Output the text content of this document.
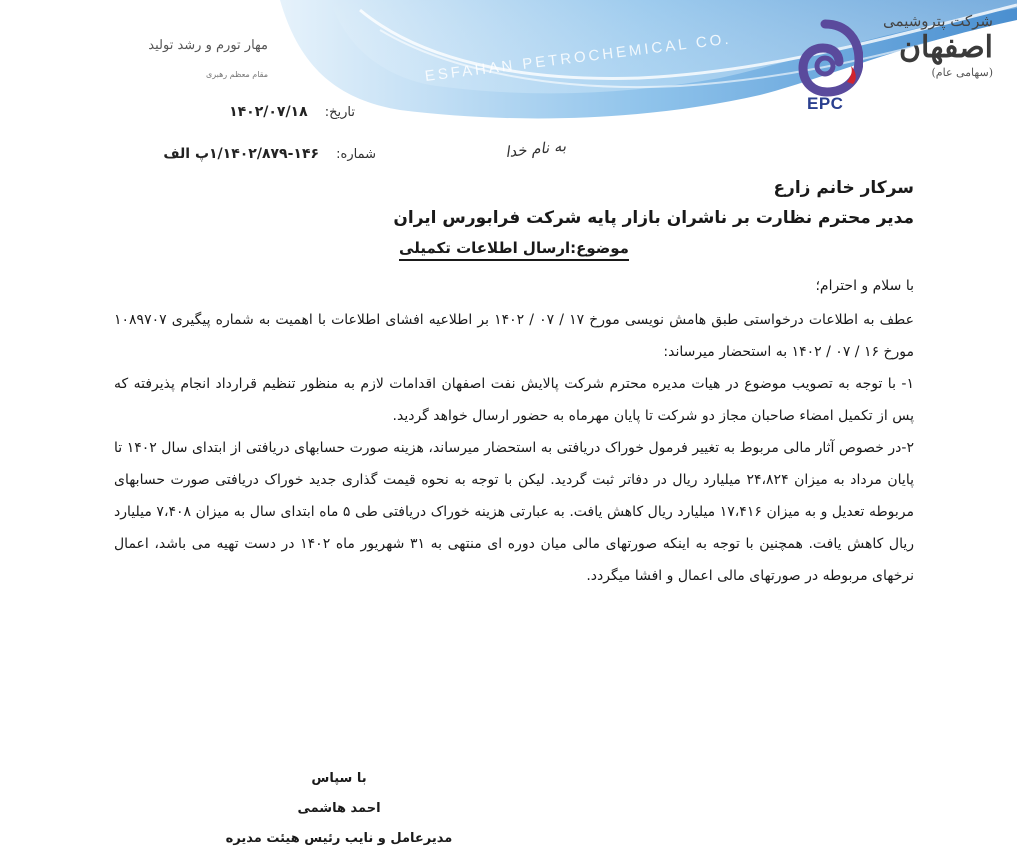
ESFAHAN PETROCHEMICAL CO.
مهار تورم و رشد تولید
مقام معظم رهبری
شرکت پتروشیمی
اصفهان
(سهامی عام)
EPC
تاریخ: ۱۴۰۲/۰۷/۱۸
شماره: ۱۴۶-۱/۱۴۰۲/۸۷۹پ الف	به نام خدا
سرکار خانم زارع
مدیر محترم نظارت بر ناشران بازار پایه شرکت فرابورس ایران
موضوع:ارسال اطلاعات تکمیلی
با سلام و احترام؛

عطف به اطلاعات درخواستی طبق هامش نویسی مورخ ۱۷ / ۰۷ / ۱۴۰۲ بر اطلاعیه افشای اطلاعات با اهمیت به شماره پیگیری ۱۰۸۹۷۰۷ مورخ ۱۶ / ۰۷ / ۱۴۰۲ به استحضار میرساند:

۱- با توجه به تصویب موضوع در هیات مدیره محترم شرکت پالایش نفت اصفهان اقدامات لازم به منظور تنظیم قرارداد انجام پذیرفته که پس از تکمیل امضاء صاحبان مجاز دو شرکت تا پایان مهرماه به حضور ارسال خواهد گردید.

۲-در خصوص آثار مالی مربوط به تغییر فرمول خوراک دریافتی به استحضار میرساند، هزینه صورت حسابهای دریافتی از ابتدای سال ۱۴۰۲ تا پایان مرداد به میزان ۲۴،۸۲۴ میلیارد ریال در دفاتر ثبت گردید. لیکن با توجه به نحوه قیمت گذاری جدید خوراک دریافتی صورت حسابهای مربوطه تعدیل و به میزان ۱۷،۴۱۶ میلیارد ریال کاهش یافت. به عبارتی هزینه خوراک دریافتی طی ۵ ماه ابتدای سال به میزان ۷،۴۰۸ میلیارد ریال کاهش یافت. همچنین با توجه به اینکه صورتهای مالی میان دوره ای منتهی به ۳۱ شهریور ماه ۱۴۰۲ در دست تهیه می باشد، اعمال نرخهای مربوطه در صورتهای مالی اعمال و افشا میگردد.

با سپاس
احمد هاشمی
مدیرعامل و نایب رئیس هیئت مدیره
